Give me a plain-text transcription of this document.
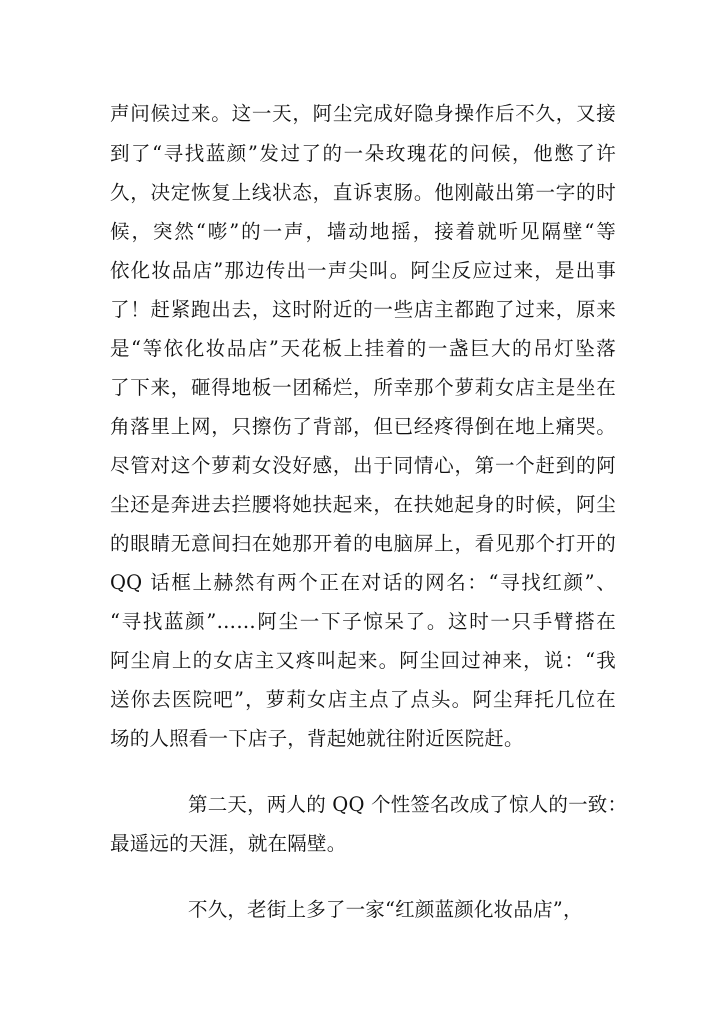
声问候过来。这一天，阿尘完成好隐身操作后不久，又接
到了“寻找蓝颜”发过了的一朵玫瑰花的问候，他憋了许
久，决定恢复上线状态，直诉衷肠。他刚敲出第一字的时
候，突然“嘭”的一声，墙动地摇，接着就听见隔壁“等
依化妆品店”那边传出一声尖叫。阿尘反应过来，是出事
了！赶紧跑出去，这时附近的一些店主都跑了过来，原来
是“等依化妆品店”天花板上挂着的一盏巨大的吊灯坠落
了下来，砸得地板一团稀烂，所幸那个萝莉女店主是坐在
角落里上网，只擦伤了背部，但已经疼得倒在地上痛哭。
尽管对这个萝莉女没好感，出于同情心，第一个赶到的阿
尘还是奔进去拦腰将她扶起来，在扶她起身的时候，阿尘
的眼睛无意间扫在她那开着的电脑屏上，看见那个打开的
QQ 话框上赫然有两个正在对话的网名：“寻找红颜”、
“寻找蓝颜”……阿尘一下子惊呆了。这时一只手臂搭在
阿尘肩上的女店主又疼叫起来。阿尘回过神来，说：“我
送你去医院吧”，萝莉女店主点了点头。阿尘拜托几位在
场的人照看一下店子，背起她就往附近医院赶。
第二天，两人的 QQ 个性签名改成了惊人的一致：
最遥远的天涯，就在隔壁。
不久，老街上多了一家“红颜蓝颜化妆品店”，
